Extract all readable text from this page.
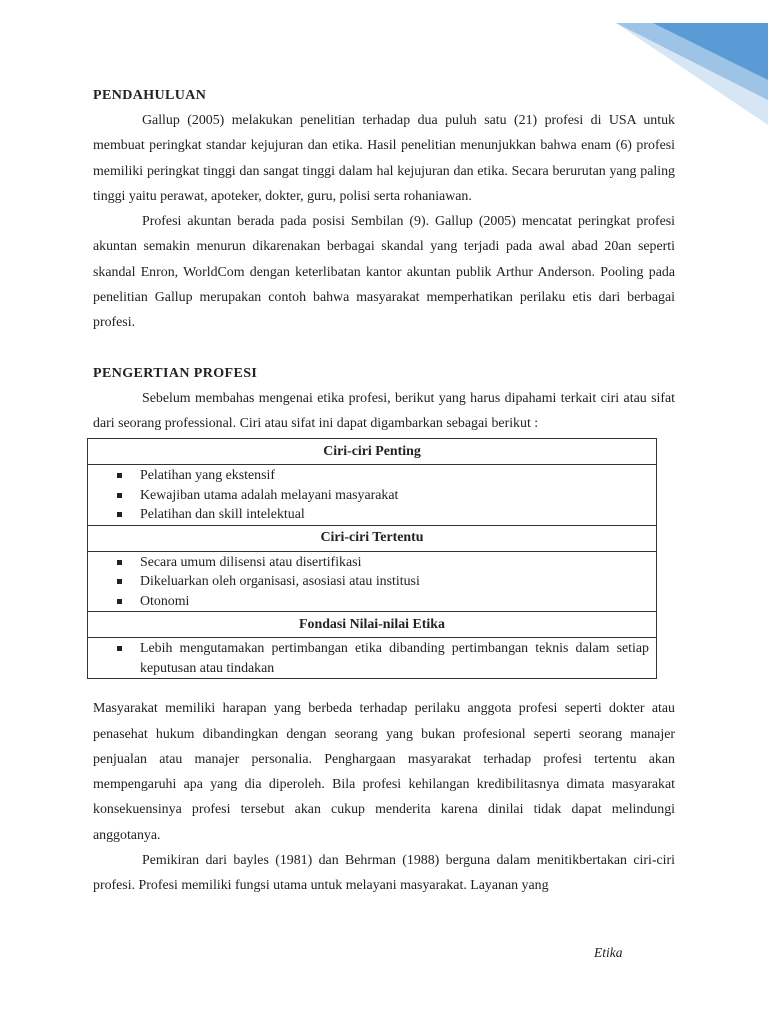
PENDAHULUAN

Gallup (2005) melakukan penelitian terhadap dua puluh satu (21) profesi di USA untuk membuat peringkat standar kejujuran dan etika. Hasil penelitian menunjukkan bahwa enam (6) profesi memiliki peringkat tinggi dan sangat tinggi dalam hal kejujuran dan etika. Secara berurutan yang paling tinggi yaitu perawat, apoteker, dokter, guru, polisi serta rohaniawan.

Profesi akuntan berada pada posisi Sembilan (9). Gallup (2005) mencatat peringkat profesi akuntan semakin menurun dikarenakan berbagai skandal yang terjadi pada awal abad 20an seperti skandal Enron, WorldCom dengan keterlibatan kantor akuntan publik Arthur Anderson. Pooling pada penelitian Gallup merupakan contoh bahwa masyarakat memperhatikan perilaku etis dari berbagai profesi.

PENGERTIAN PROFESI

Sebelum membahas mengenai etika profesi, berikut yang harus dipahami terkait ciri atau sifat dari seorang professional. Ciri atau sifat ini dapat digambarkan sebagai berikut :

Ciri-ciri Penting

Pelatihan yang ekstensif
Kewajiban utama adalah melayani masyarakat
Pelatihan dan skill intelektual

Ciri-ciri Tertentu

Secara umum dilisensi atau disertifikasi
Dikeluarkan oleh organisasi, asosiasi atau institusi
Otonomi

Fondasi Nilai-nilai Etika

Lebih mengutamakan pertimbangan etika dibanding pertimbangan teknis dalam setiap keputusan atau tindakan

Masyarakat memiliki harapan yang berbeda terhadap perilaku anggota profesi seperti dokter atau penasehat hukum dibandingkan dengan seorang yang bukan profesional seperti seorang manajer penjualan atau manajer personalia. Penghargaan masyarakat terhadap profesi tertentu akan mempengaruhi apa yang dia diperoleh. Bila profesi kehilangan kredibilitasnya dimata masyarakat konsekuensinya profesi tersebut akan cukup menderita karena dinilai tidak dapat melindungi anggotanya.

Pemikiran dari bayles (1981) dan Behrman (1988) berguna dalam menitikbertakan ciri-ciri profesi. Profesi memiliki fungsi utama untuk melayani masyarakat. Layanan yang

Etika
